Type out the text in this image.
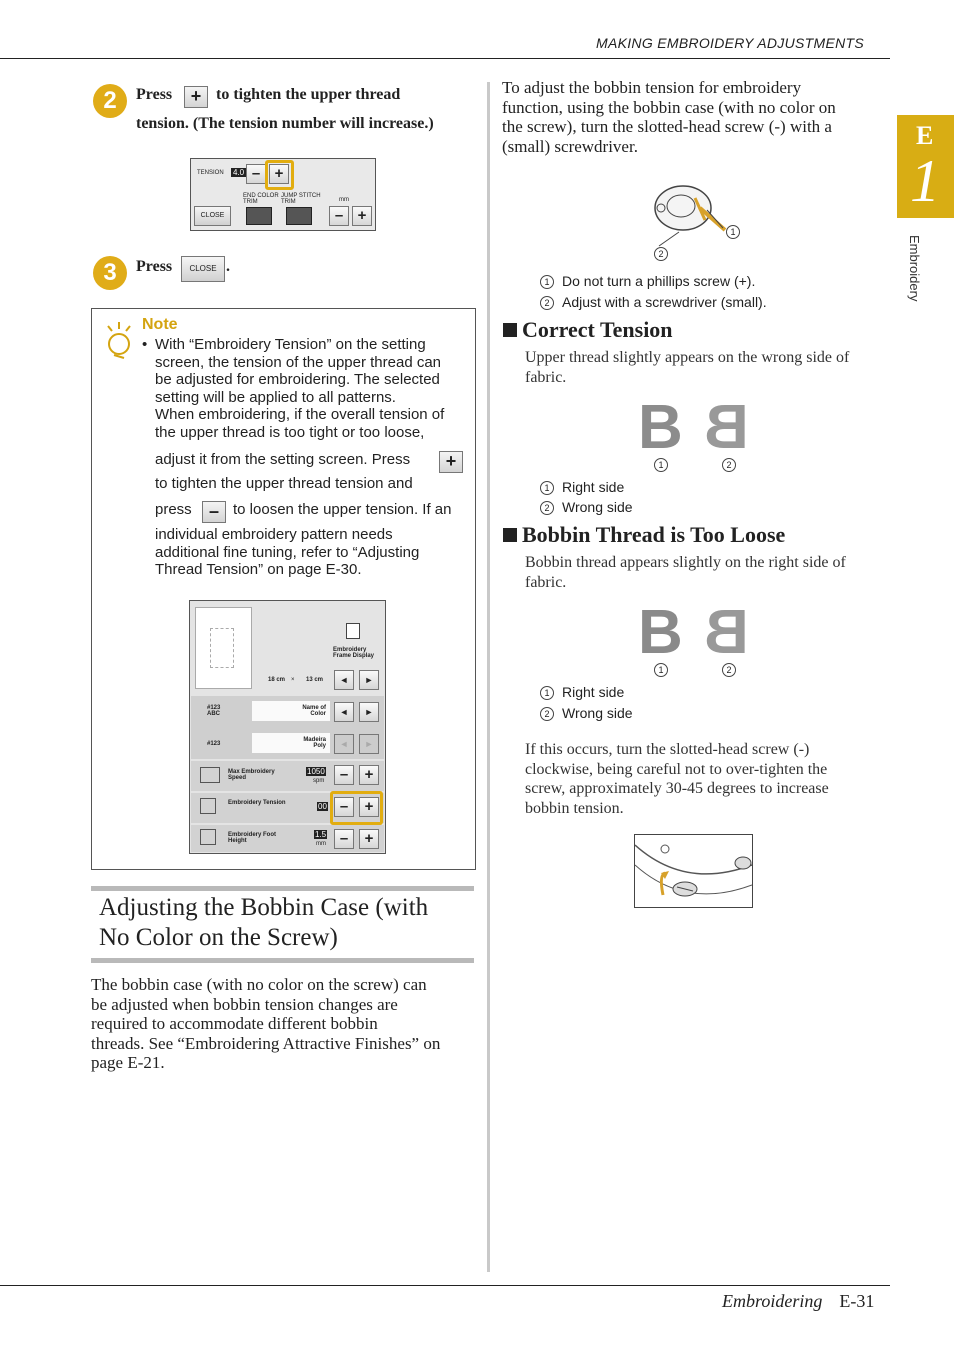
MAKING EMBROIDERY ADJUSTMENTS
E
1
Embroidery
2	Press	+ to tighten the upper thread
tension. (The tension number will increase.)
TENSION 4.0 – +
END COLOR TRIM
JUMP STITCH TRIM
CLOSE	– +
mm
3	Press	CLOSE .
Note
• With “Embroidery Tension” on the setting
screen, the tension of the upper thread can
be adjusted for embroidering. The selected
setting will be applied to all patterns.
When embroidering, if the overall tension of
the upper thread is too tight or too loose,
adjust it from the setting screen. Press	+
to tighten the upper thread tension and
press – to loosen the upper tension. If an
individual embroidery pattern needs
additional fine tuning, refer to “Adjusting
Thread Tension” on page E-30.
Embroidery Frame Display
18 cm × 13 cm	◄	►
#123 ABC
Name of Color	◄	►
#123
Madeira Poly	◄	►
Max Embroidery Speed
1050
spm	–	+
Embroidery Tension	00 –	+
Embroidery Foot Height
1.5
mm –	+
Adjusting the Bobbin Case (with
No Color on the Screw)
The bobbin case (with no color on the screw) can
be adjusted when bobbin tension changes are
required to accommodate different bobbin
threads. See “Embroidering Attractive Finishes” on
page E-21.
To adjust the bobbin tension for embroidery
function, using the bobbin case (with no color on
the screw), turn the slotted-head screw (-) with a
(small) screwdriver.
1
2
1 Do not turn a phillips screw (+).
2 Adjust with a screwdriver (small).
Correct Tension
Upper thread slightly appears on the wrong side of
fabric.
B B
1	2
1 Right side
2 Wrong side
Bobbin Thread is Too Loose
Bobbin thread appears slightly on the right side of
fabric.
B B
1	2
1 Right side
2 Wrong side
If this occurs, turn the slotted-head screw (-)
clockwise, being careful not to over-tighten the
screw, approximately 30-45 degrees to increase
bobbin tension.
Embroidering E-31
